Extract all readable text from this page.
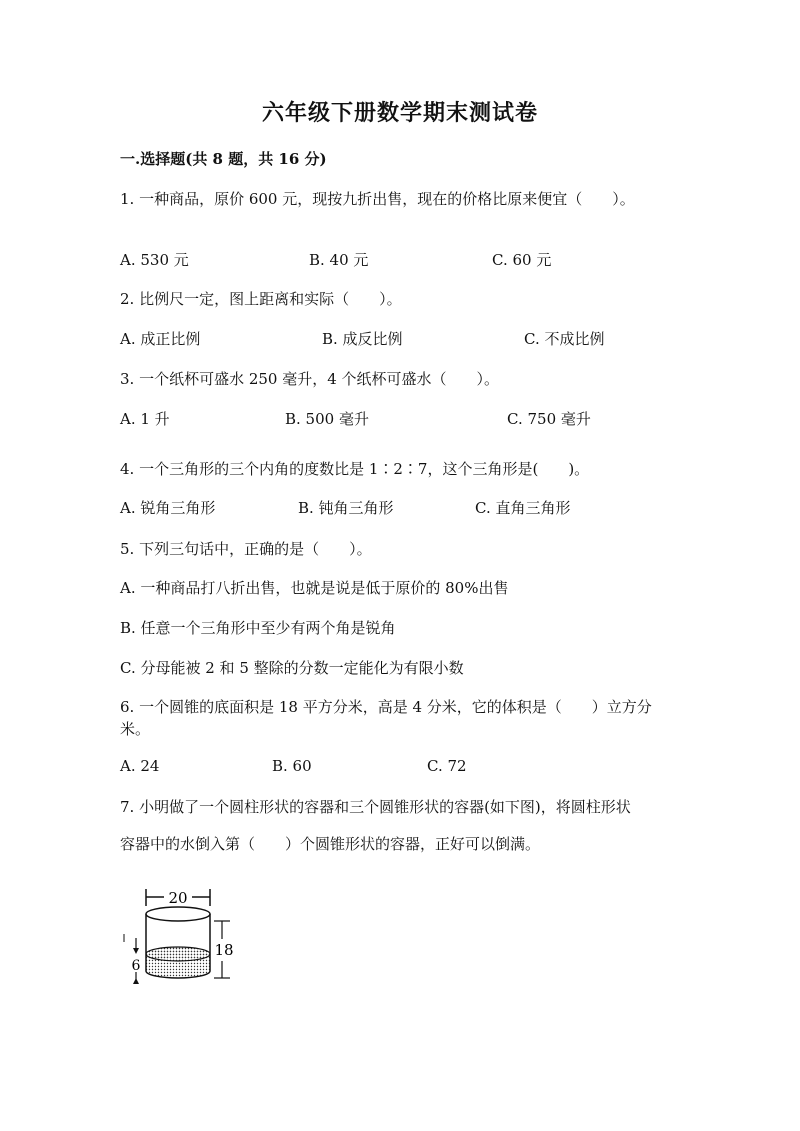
六年级下册数学期末测试卷
一.选择题(共 8 题，共 16 分)
1. 一种商品，原价 600 元，现按九折出售，现在的价格比原来便宜（　　）。
A. 530 元	B. 40 元	C. 60 元
2. 比例尺一定，图上距离和实际（　　）。
A. 成正比例	B. 成反比例	C. 不成比例
3. 一个纸杯可盛水 250 毫升，4 个纸杯可盛水（　　）。
A. 1 升	B. 500 毫升	C. 750 毫升
4. 一个三角形的三个内角的度数比是 1∶2∶7，这个三角形是(　　)。
A. 锐角三角形	B. 钝角三角形	C. 直角三角形
5. 下列三句话中，正确的是（　　）。
A. 一种商品打八折出售，也就是说是低于原价的 80%出售
B. 任意一个三角形中至少有两个角是锐角
C. 分母能被 2 和 5 整除的分数一定能化为有限小数
6. 一个圆锥的底面积是 18 平方分米，高是 4 分米，它的体积是（　　）立方分
米。
A. 24	B. 60	C. 72
7. 小明做了一个圆柱形状的容器和三个圆锥形状的容器(如下图)，将圆柱形状
容器中的水倒入第（　　）个圆锥形状的容器，正好可以倒满。
20
18
6
